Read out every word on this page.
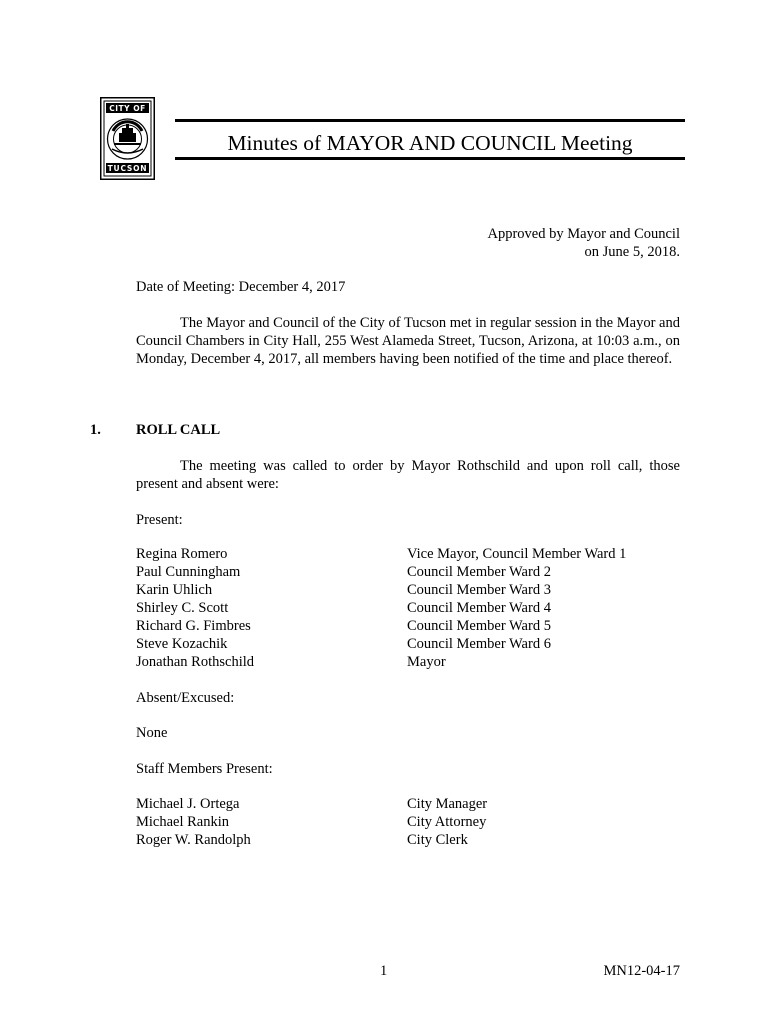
CITY OF
TUCSON
Minutes of MAYOR AND COUNCIL Meeting
Approved by Mayor and Council
on June 5, 2018.
Date of Meeting: December 4, 2017
The Mayor and Council of the City of Tucson met in regular session in the Mayor and Council Chambers in City Hall, 255 West Alameda Street, Tucson, Arizona, at 10:03 a.m., on Monday, December 4, 2017, all members having been notified of the time and place thereof.
1. ROLL CALL
The meeting was called to order by Mayor Rothschild and upon roll call, those present and absent were:
Present:
Regina Romero	Vice Mayor, Council Member Ward 1
Paul Cunningham	Council Member Ward 2
Karin Uhlich	Council Member Ward 3
Shirley C. Scott	Council Member Ward 4
Richard G. Fimbres	Council Member Ward 5
Steve Kozachik	Council Member Ward 6
Jonathan Rothschild	Mayor
Absent/Excused:
None
Staff Members Present:
Michael J. Ortega	City Manager
Michael Rankin	City Attorney
Roger W. Randolph	City Clerk
1	MN12-04-17
